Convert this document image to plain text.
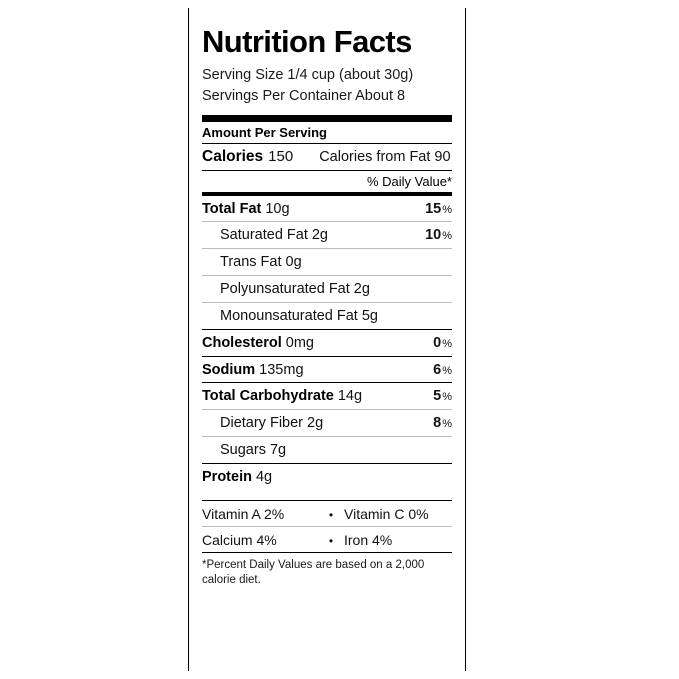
Nutrition Facts
Serving Size 1/4 cup (about 30g)
Servings Per Container About 8
Amount Per Serving
Calories 150 Calories from Fat 90
% Daily Value*
Total Fat 10g	15 %
Saturated Fat 2g	10 %
Trans Fat 0g
Polyunsaturated Fat 2g
Monounsaturated Fat 5g
Cholesterol 0mg	0 %
Sodium 135mg	6 %
Total Carbohydrate 14g	5 %
Dietary Fiber 2g	8 %
Sugars 7g
Protein 4g
Vitamin A 2%	• Vitamin C 0%
Calcium 4%	• Iron 4%
*Percent Daily Values are based on a 2,000 calorie diet.
